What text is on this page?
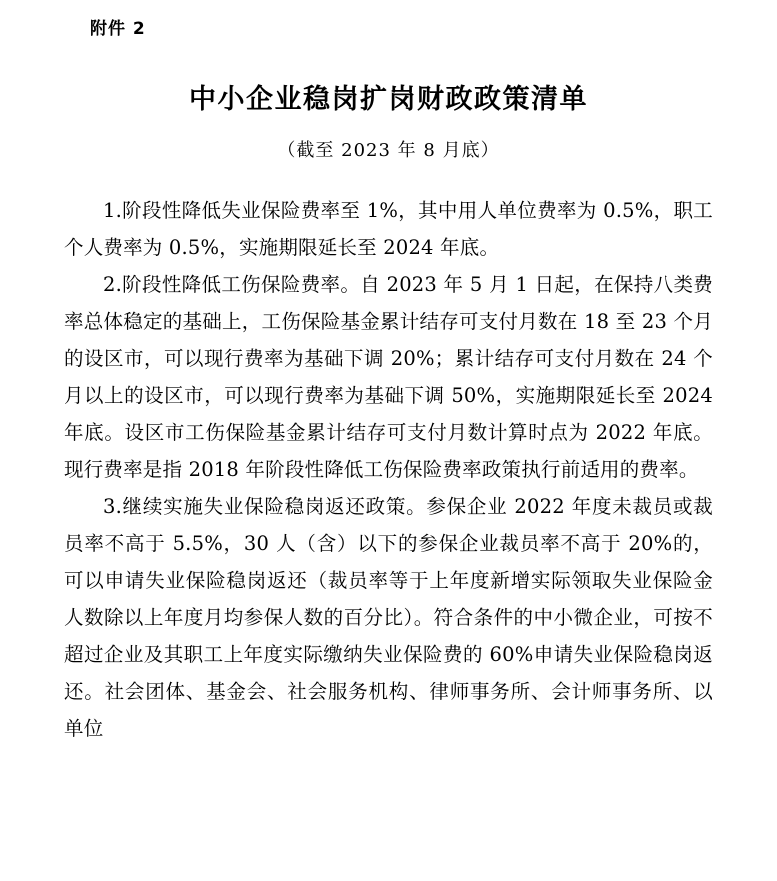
附件 2
中小企业稳岗扩岗财政政策清单
（截至 2023 年 8 月底）

1.阶段性降低失业保险费率至 1%，其中用人单位费率为 0.5%，职工个人费率为 0.5%，实施期限延长至 2024 年底。

2.阶段性降低工伤保险费率。自 2023 年 5 月 1 日起，在保持八类费率总体稳定的基础上，工伤保险基金累计结存可支付月数在 18 至 23 个月的设区市，可以现行费率为基础下调 20%；累计结存可支付月数在 24 个月以上的设区市，可以现行费率为基础下调 50%，实施期限延长至 2024 年底。设区市工伤保险基金累计结存可支付月数计算时点为 2022 年底。现行费率是指 2018 年阶段性降低工伤保险费率政策执行前适用的费率。

3.继续实施失业保险稳岗返还政策。参保企业 2022 年度未裁员或裁员率不高于 5.5%，30 人（含）以下的参保企业裁员率不高于 20%的，可以申请失业保险稳岗返还（裁员率等于上年度新增实际领取失业保险金人数除以上年度月均参保人数的百分比）。符合条件的中小微企业，可按不超过企业及其职工上年度实际缴纳失业保险费的 60%申请失业保险稳岗返还。社会团体、基金会、社会服务机构、律师事务所、会计师事务所、以单位
